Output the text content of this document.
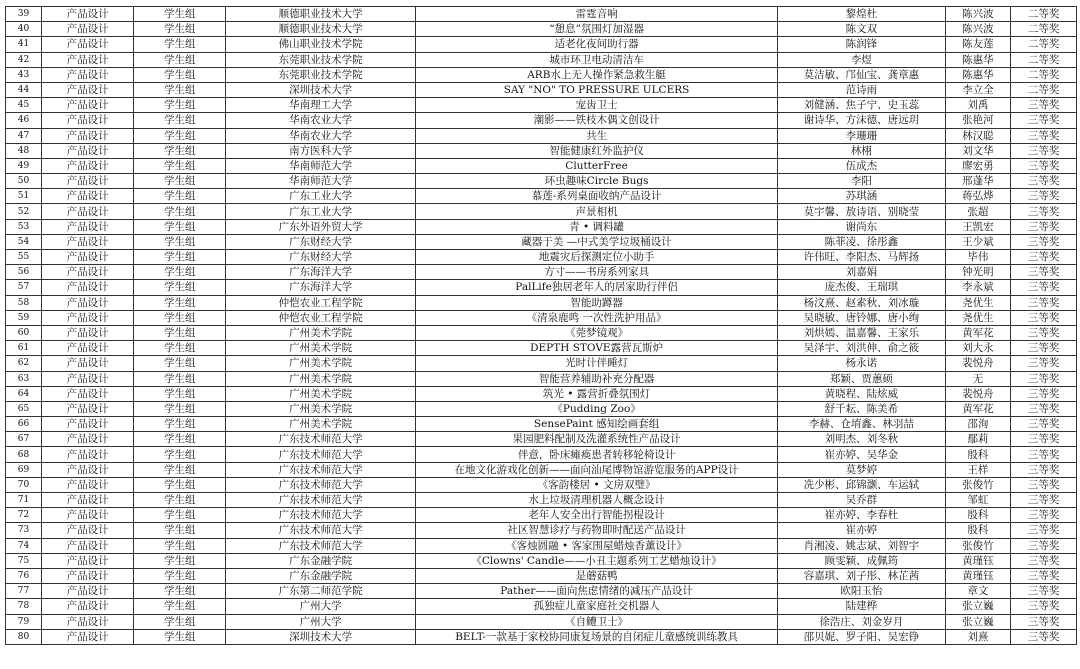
39	产品设计	学生组	顺德职业技术大学	雷霆音响	黎煌杜	陈兴波	二等奖
40	产品设计	学生组	顺德职业技术大学	“憩息”氛围灯加湿器	陈文双	陈兴波	二等奖
41	产品设计	学生组	佛山职业技术学院	适老化夜间助行器	陈润锋	陈友莲	二等奖
42	产品设计	学生组	东莞职业技术学院	城市环卫电动清洁车	李煜	陈惠华	二等奖
43	产品设计	学生组	东莞职业技术学院	ARB水上无人操作紧急救生艇	莫洁敏、邝仙宝、龚章惠	陈惠华	二等奖
44	产品设计	学生组	深圳技术大学	SAY "NO" TO PRESSURE ULCERS	范诗雨	李立全	二等奖
45	产品设计	学生组	华南理工大学	宠齿卫士	刘健涵、焦子宁、史玉蕊	刘禹	三等奖
46	产品设计	学生组	华南农业大学	潮影——铁枝木偶文创设计	谢诗华、方沫德、唐远玥	张艳河	三等奖
47	产品设计	学生组	华南农业大学	共生	李珊珊	林汉聪	三等奖
48	产品设计	学生组	南方医科大学	智能健康红外监护仪	林栩	刘文华	三等奖
49	产品设计	学生组	华南师范大学	ClutterFree	伍成杰	廖宏勇	三等奖
50	产品设计	学生组	华南师范大学	环虫趣味Circle Bugs	李阳	邢蓬华	三等奖
51	产品设计	学生组	广东工业大学	慕莲-系列桌面收纳产品设计	苏琪涵	蒋弘烨	三等奖
52	产品设计	学生组	广东工业大学	声景相机	莫宇馨、敖诗语、别晓莹	张超	三等奖
53	产品设计	学生组	广东外语外贸大学	青 • 调料罐	谢尚东	王凯宏	三等奖
54	产品设计	学生组	广东财经大学	藏器于美 —中式美学垃圾桶设计	陈菲凌、徐彤鑫	王少斌	三等奖
55	产品设计	学生组	广东财经大学	地震灾后探测定位小助手	许伟旺、李阳杰、马辉扬	毕伟	三等奖
56	产品设计	学生组	广东海洋大学	方寸——书房系列家具	刘嘉娟	钟光明	三等奖
57	产品设计	学生组	广东海洋大学	PalLife独居老年人的居家助行伴侣	庞杰俊、王瑞琪	李永斌	三等奖
58	产品设计	学生组	仲恺农业工程学院	智能助蹲器	杨汶熹、赵素秋、刘冰璇	尧优生	三等奖
59	产品设计	学生组	仲恺农业工程学院	《清泉鹿鸣 一次性洗护用品》	吴晓敏、唐铃娜、唐小绚	尧优生	三等奖
60	产品设计	学生组	广州美术学院	《莞梦镜观》	刘烘嫣、温嘉馨、王家乐	黄军花	三等奖
61	产品设计	学生组	广州美术学院	DEPTH STOVE露营瓦斯炉	吴泽宇、刘洪伸、俞之筱	刘大永	三等奖
62	产品设计	学生组	广州美术学院	光时计伴睡灯	杨永诺	裴悦舟	三等奖
63	产品设计	学生组	广州美术学院	智能营养辅助补充分配器	郑颖、贾蕙硕	无	三等奖
64	产品设计	学生组	广州美术学院	筑光 • 露营折叠氛围灯	黄晓程、陆炫威	裴悦舟	三等奖
65	产品设计	学生组	广州美术学院	《Pudding Zoo》	舒千耘、陈美希	黄军花	三等奖
66	产品设计	学生组	广州美术学院	SensePaint 感知绘画套组	李赫、仓堉鑫、林羽喆	邵洵	三等奖
67	产品设计	学生组	广东技术师范大学	果园肥料配制及洗灌系统性产品设计	刘明杰、刘冬秋	鄢莉	三等奖
68	产品设计	学生组	广东技术师范大学	伴意，卧床瘫痪患者转移轮椅设计	崔亦婷、吴华金	殷科	三等奖
69	产品设计	学生组	广东技术师范大学	在地文化游戏化创新——面向汕尾博物馆游览服务的APP设计	莫梦婷	王样	三等奖
70	产品设计	学生组	广东技术师范大学	《客韵楼居 • 文房双璧》	冼少彬、邱锦灏、车运轼	张俊竹	三等奖
71	产品设计	学生组	广东技术师范大学	水上垃圾清理机器人概念设计	吴乔群	邹虹	三等奖
72	产品设计	学生组	广东技术师范大学	老年人安全出行智能拐棍设计	崔亦婷、李春杜	殷科	三等奖
73	产品设计	学生组	广东技术师范大学	社区智慧诊疗与药物即时配送产品设计	崔亦婷	殷科	三等奖
74	产品设计	学生组	广东技术师范大学	《客烛圆融 • 客家围屋蜡烛香薰设计》	肖湘凌、姚志斌、刘智宇	张俊竹	三等奖
75	产品设计	学生组	广东金融学院	《Clowns' Candle——小丑主题系列工艺蜡烛设计》	顾雯颖、成佩筠	黄瑾钰	三等奖
76	产品设计	学生组	广东金融学院	是蘑菇鸭	容嘉琪、刘子彤、林芷茜	黄瑾钰	三等奖
77	产品设计	学生组	广东第二师范学院	Pather——面向焦虑情绪的减压产品设计	欧阳玉怡	章文	三等奖
78	产品设计	学生组	广州大学	孤独症儿童家庭社交机器人	陆建桦	张立巍	三等奖
79	产品设计	学生组	广州大学	《自鳢卫士》	徐浩庄、刘金岁月	张立巍	三等奖
80	产品设计	学生组	深圳技术大学	BELT-一款基于家校协同康复场景的自闭症儿童感统训练教具	邵贝妮、罗子阳、吴宏铮	刘熹	三等奖
